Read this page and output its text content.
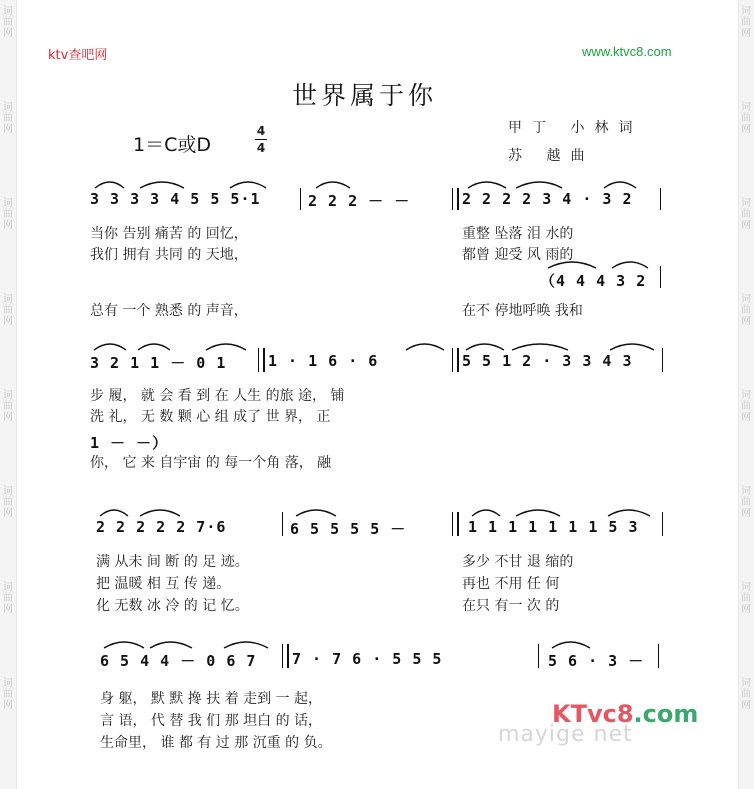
词
曲
网
词
曲
网
词
曲
网
词
曲
网
词
曲
网
词
曲
网
词
曲
网
词
曲
网
词
曲
网
词
曲
网
词
曲
网
词
曲
网
词
曲
网
词
曲
网
词
曲
网
词
曲
网
ktv查吧网	www.ktvc8.com
世界属于你
1＝C或D
4
4
甲丁 小林词
苏 越曲
3 3 3 3 4 5 5 5·1	2 2 2 － －	2 2 2 2 3 4 · 3 2
当你 告别 痛苦 的 回忆，	重整 坠落 泪 水的
我们 拥有 共同 的 天地，	都曾 迎受 风 雨的
（4 4 4 3 2
总有 一个 熟悉 的 声音，	在不 停地呼唤 我和
3 2 1 1 － 0 1	1 · 1 6 · 6	5 5 1 2 · 3 3 4 3
步 履， 就 会 看 到 在 人生 的旅 途， 铺
洗 礼， 无 数 颗 心 组 成了 世 界， 正
1 － －）
你， 它 来 自宇宙 的 每一个角 落， 融
2 2 2 2 2 7·6	6 5 5 5 5 －	1 1 1 1 1 1 1 5 3
满 从未 间 断 的 足 迹。	多少 不甘 退 缩的
把 温暖 相 互 传 递。	再也 不用 任 何
化 无数 冰 冷 的 记 忆。	在只 有一 次 的
6 5 4 4 － 0 6 7 7 · 7 6 · 5 5 5	5 6 · 3 －
身 躯， 默 默 搀 扶 着 走到 一 起，
言 语， 代 替 我 们 那 坦白 的 话，
生命里， 谁 都 有 过 那 沉重 的 负。	mayige net
KTvc8.com
